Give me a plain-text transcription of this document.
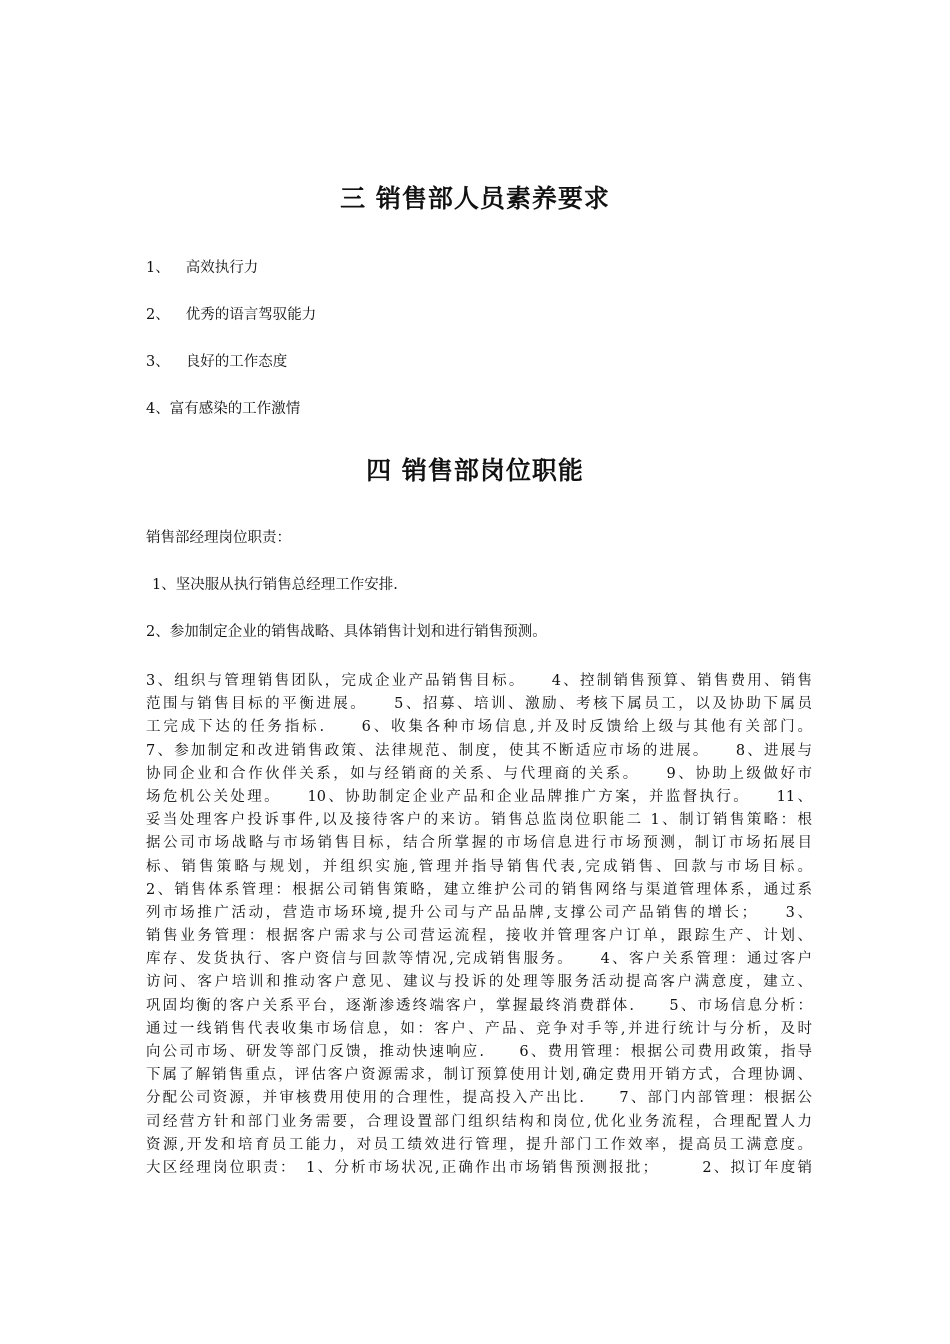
三 销售部人员素养要求
1、 高效执行力
2、 优秀的语言驾驭能力
3、 良好的工作态度
4、富有感染的工作激情
四 销售部岗位职能
销售部经理岗位职责：
1、坚决服从执行销售总经理工作安排.
2、参加制定企业的销售战略、具体销售计划和进行销售预测。
3、组织与管理销售团队，完成企业产品销售目标。　　4、控制销售预算、销售费用、销售
范围与销售目标的平衡进展。　　5、招募、培训、激励、考核下属员工，以及协助下属员
工完成下达的任务指标.　　6、收集各种市场信息,并及时反馈给上级与其他有关部门。
7、参加制定和改进销售政策、法律规范、制度，使其不断适应市场的进展。　　8、进展与
协同企业和合作伙伴关系，如与经销商的关系、与代理商的关系。　　9、协助上级做好市
场危机公关处理。　　10、协助制定企业产品和企业品牌推广方案，并监督执行。　　11、
妥当处理客户投诉事件,以及接待客户的来访。销售总监岗位职能二 1、制订销售策略：根
据公司市场战略与市场销售目标，结合所掌握的市场信息进行市场预测，制订市场拓展目
标、销售策略与规划，并组织实施,管理并指导销售代表,完成销售、回款与市场目标。
2、销售体系管理：根据公司销售策略，建立维护公司的销售网络与渠道管理体系，通过系
列市场推广活动，营造市场环境,提升公司与产品品牌,支撑公司产品销售的增长；　　3、
销售业务管理：根据客户需求与公司营运流程，接收并管理客户订单，跟踪生产、计划、
库存、发货执行、客户资信与回款等情况,完成销售服务。　　4、客户关系管理：通过客户
访问、客户培训和推动客户意见、建议与投诉的处理等服务活动提高客户满意度，建立、
巩固均衡的客户关系平台，逐渐渗透终端客户，掌握最终消费群体.　　5、市场信息分析：
通过一线销售代表收集市场信息，如：客户、产品、竞争对手等,并进行统计与分析，及时
向公司市场、研发等部门反馈，推动快速响应.　　6、费用管理：根据公司费用政策，指导
下属了解销售重点，评估客户资源需求，制订预算使用计划,确定费用开销方式，合理协调、
分配公司资源，并审核费用使用的合理性，提高投入产出比.　　7、部门内部管理：根据公
司经营方针和部门业务需要，合理设置部门组织结构和岗位,优化业务流程，合理配置人力
资源,开发和培育员工能力，对员工绩效进行管理，提升部门工作效率，提高员工满意度。
大区经理岗位职责：　1、分析市场状况,正确作出市场销售预测报批；　　　2、拟订年度销
